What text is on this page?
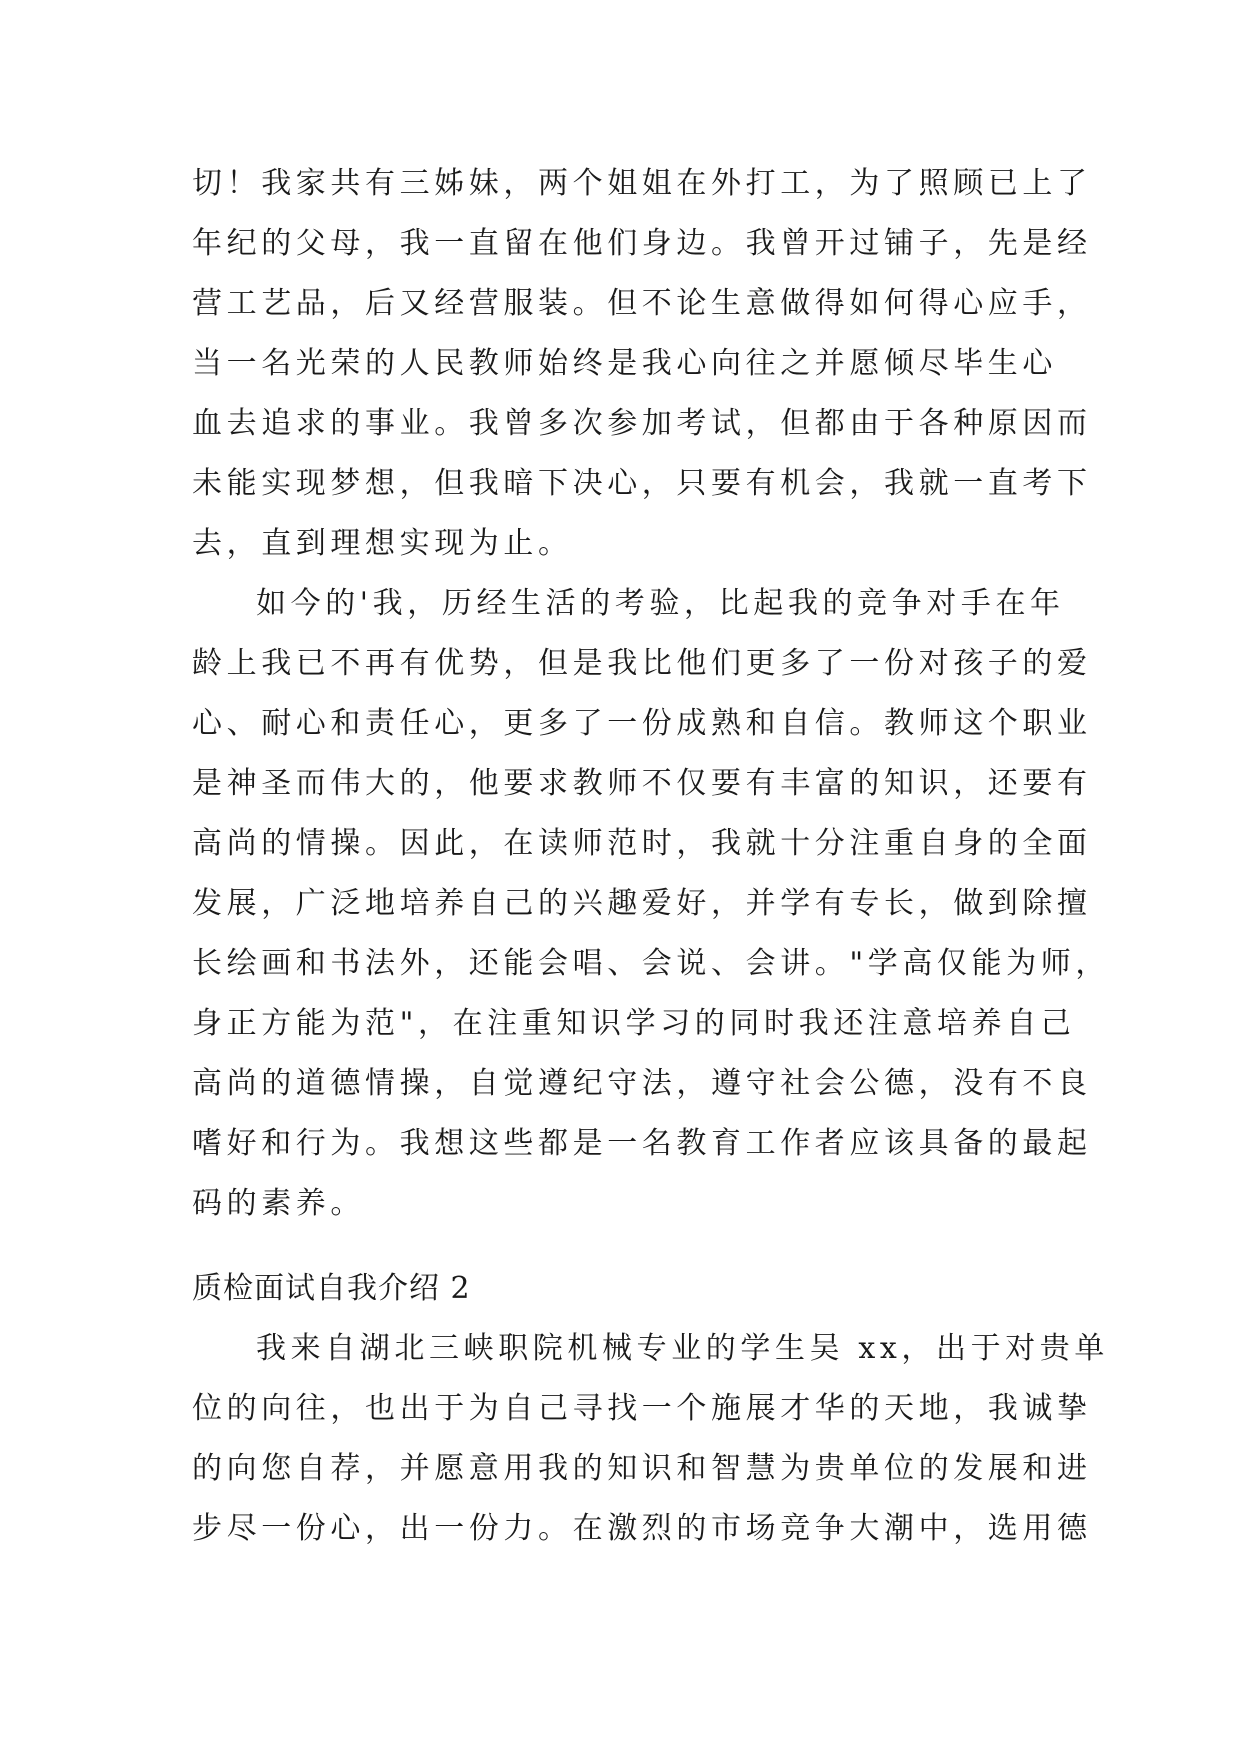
切！我家共有三姊妹，两个姐姐在外打工，为了照顾已上了
年纪的父母，我一直留在他们身边。我曾开过铺子，先是经
营工艺品，后又经营服装。但不论生意做得如何得心应手，
当一名光荣的人民教师始终是我心向往之并愿倾尽毕生心
血去追求的事业。我曾多次参加考试，但都由于各种原因而
未能实现梦想，但我暗下决心，只要有机会，我就一直考下
去，直到理想实现为止。
如今的'我，历经生活的考验，比起我的竞争对手在年
龄上我已不再有优势，但是我比他们更多了一份对孩子的爱
心、耐心和责任心，更多了一份成熟和自信。教师这个职业
是神圣而伟大的，他要求教师不仅要有丰富的知识，还要有
高尚的情操。因此，在读师范时，我就十分注重自身的全面
发展，广泛地培养自己的兴趣爱好，并学有专长，做到除擅
长绘画和书法外，还能会唱、会说、会讲。"学高仅能为师，
身正方能为范"，在注重知识学习的同时我还注意培养自己
高尚的道德情操，自觉遵纪守法，遵守社会公德，没有不良
嗜好和行为。我想这些都是一名教育工作者应该具备的最起
码的素养。
质检面试自我介绍 2
我来自湖北三峡职院机械专业的学生吴 xx，出于对贵单
位的向往，也出于为自己寻找一个施展才华的天地，我诚挚
的向您自荐，并愿意用我的知识和智慧为贵单位的发展和进
步尽一份心，出一份力。在激烈的市场竞争大潮中，选用德
